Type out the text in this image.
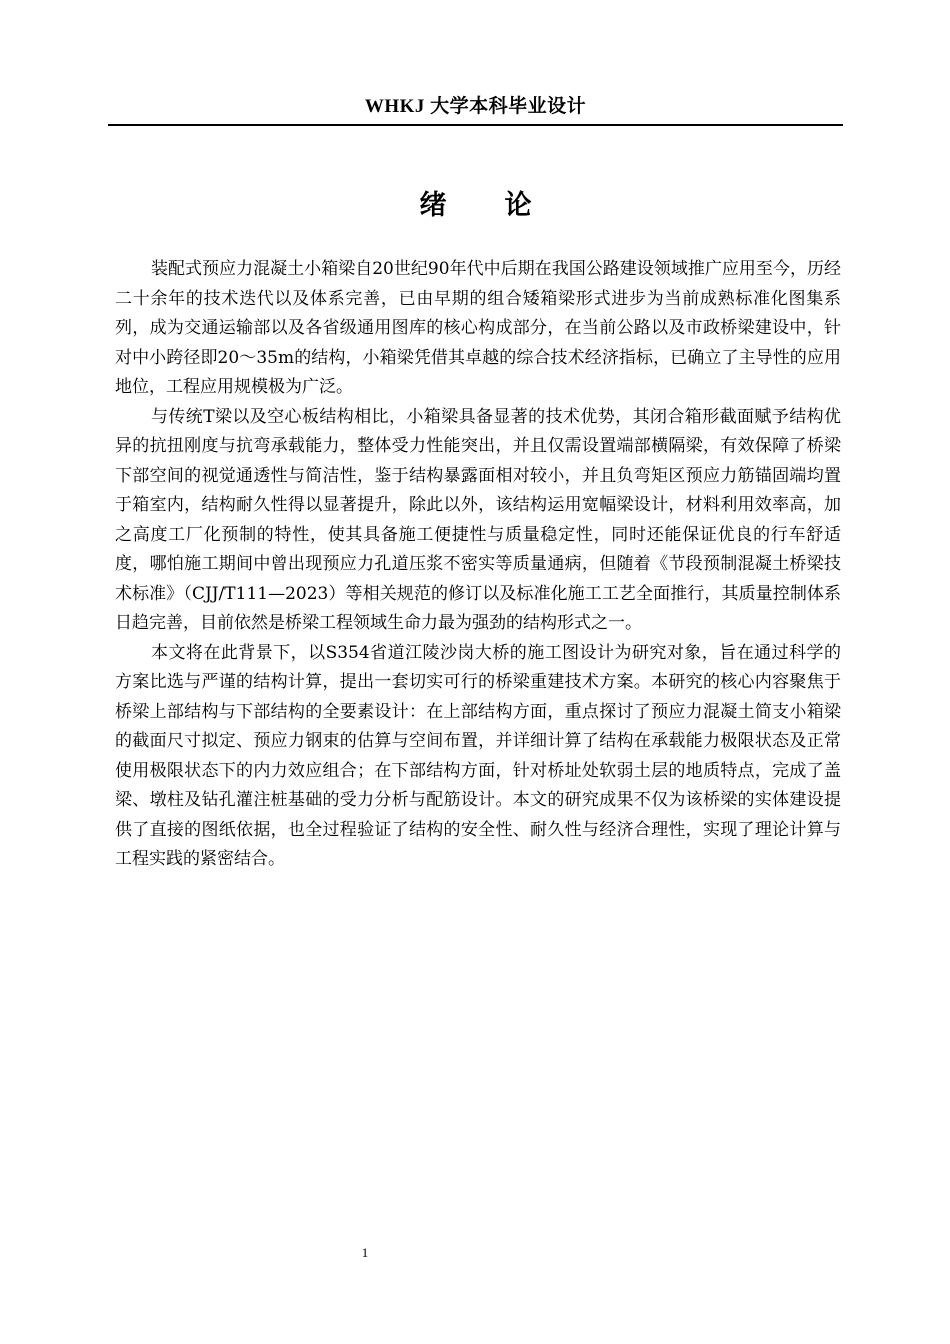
WHKJ 大学本科毕业设计
绪论

装配式预应力混凝土小箱梁自20世纪90年代中后期在我国公路建设领域推广应用至今，历经二十余年的技术迭代以及体系完善，已由早期的组合矮箱梁形式进步为当前成熟标准化图集系列，成为交通运输部以及各省级通用图库的核心构成部分，在当前公路以及市政桥梁建设中，针对中小跨径即20～35m的结构，小箱梁凭借其卓越的综合技术经济指标，已确立了主导性的应用地位，工程应用规模极为广泛。

与传统T梁以及空心板结构相比，小箱梁具备显著的技术优势，其闭合箱形截面赋予结构优异的抗扭刚度与抗弯承载能力，整体受力性能突出，并且仅需设置端部横隔梁，有效保障了桥梁下部空间的视觉通透性与简洁性，鉴于结构暴露面相对较小，并且负弯矩区预应力筋锚固端均置于箱室内，结构耐久性得以显著提升，除此以外，该结构运用宽幅梁设计，材料利用效率高，加之高度工厂化预制的特性，使其具备施工便捷性与质量稳定性，同时还能保证优良的行车舒适度，哪怕施工期间中曾出现预应力孔道压浆不密实等质量通病，但随着《节段预制混凝土桥梁技术标准》（CJJ/T111—2023）等相关规范的修订以及标准化施工工艺全面推行，其质量控制体系日趋完善，目前依然是桥梁工程领域生命力最为强劲的结构形式之一。

本文将在此背景下，以S354省道江陵沙岗大桥的施工图设计为研究对象，旨在通过科学的方案比选与严谨的结构计算，提出一套切实可行的桥梁重建技术方案。本研究的核心内容聚焦于桥梁上部结构与下部结构的全要素设计：在上部结构方面，重点探讨了预应力混凝土简支小箱梁的截面尺寸拟定、预应力钢束的估算与空间布置，并详细计算了结构在承载能力极限状态及正常使用极限状态下的内力效应组合；在下部结构方面，针对桥址处软弱土层的地质特点，完成了盖梁、墩柱及钻孔灌注桩基础的受力分析与配筋设计。本文的研究成果不仅为该桥梁的实体建设提供了直接的图纸依据，也全过程验证了结构的安全性、耐久性与经济合理性，实现了理论计算与工程实践的紧密结合。

1
